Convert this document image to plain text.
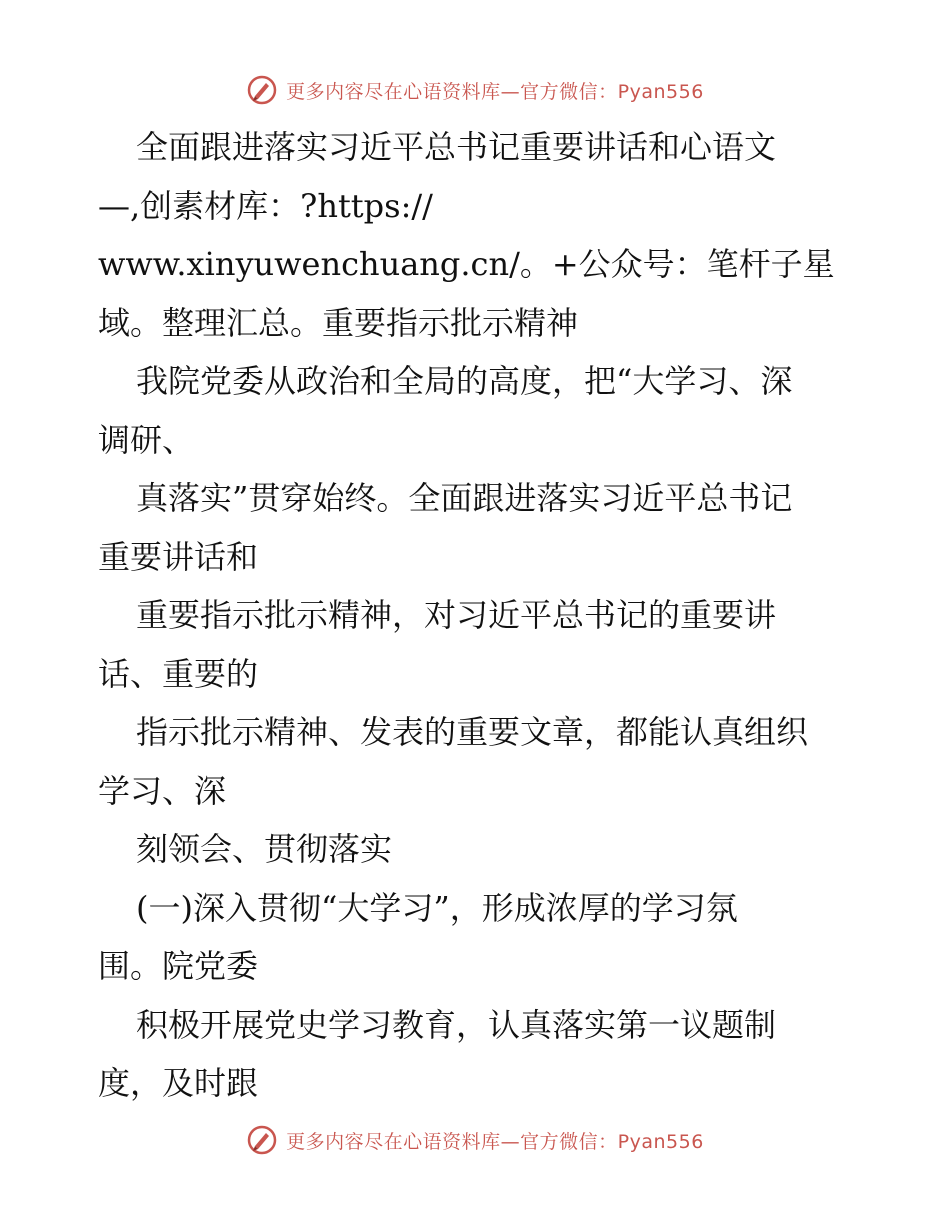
更多内容尽在心语资料库—官方微信：Pyan556
全面跟进落实习近平总书记重要讲话和心语文
—,创素材库：?https://
www.xinyuwenchuang.cn/。+公众号：笔杆子星
域。整理汇总。重要指示批示精神
我院党委从政治和全局的高度，把“大学习、深
调研、
真落实”贯穿始终。全面跟进落实习近平总书记
重要讲话和
重要指示批示精神，对习近平总书记的重要讲
话、重要的
指示批示精神、发表的重要文章，都能认真组织
学习、深
刻领会、贯彻落实
(一)深入贯彻“大学习”，形成浓厚的学习氛
围。院党委
积极开展党史学习教育，认真落实第一议题制
度，及时跟
更多内容尽在心语资料库—官方微信：Pyan556
